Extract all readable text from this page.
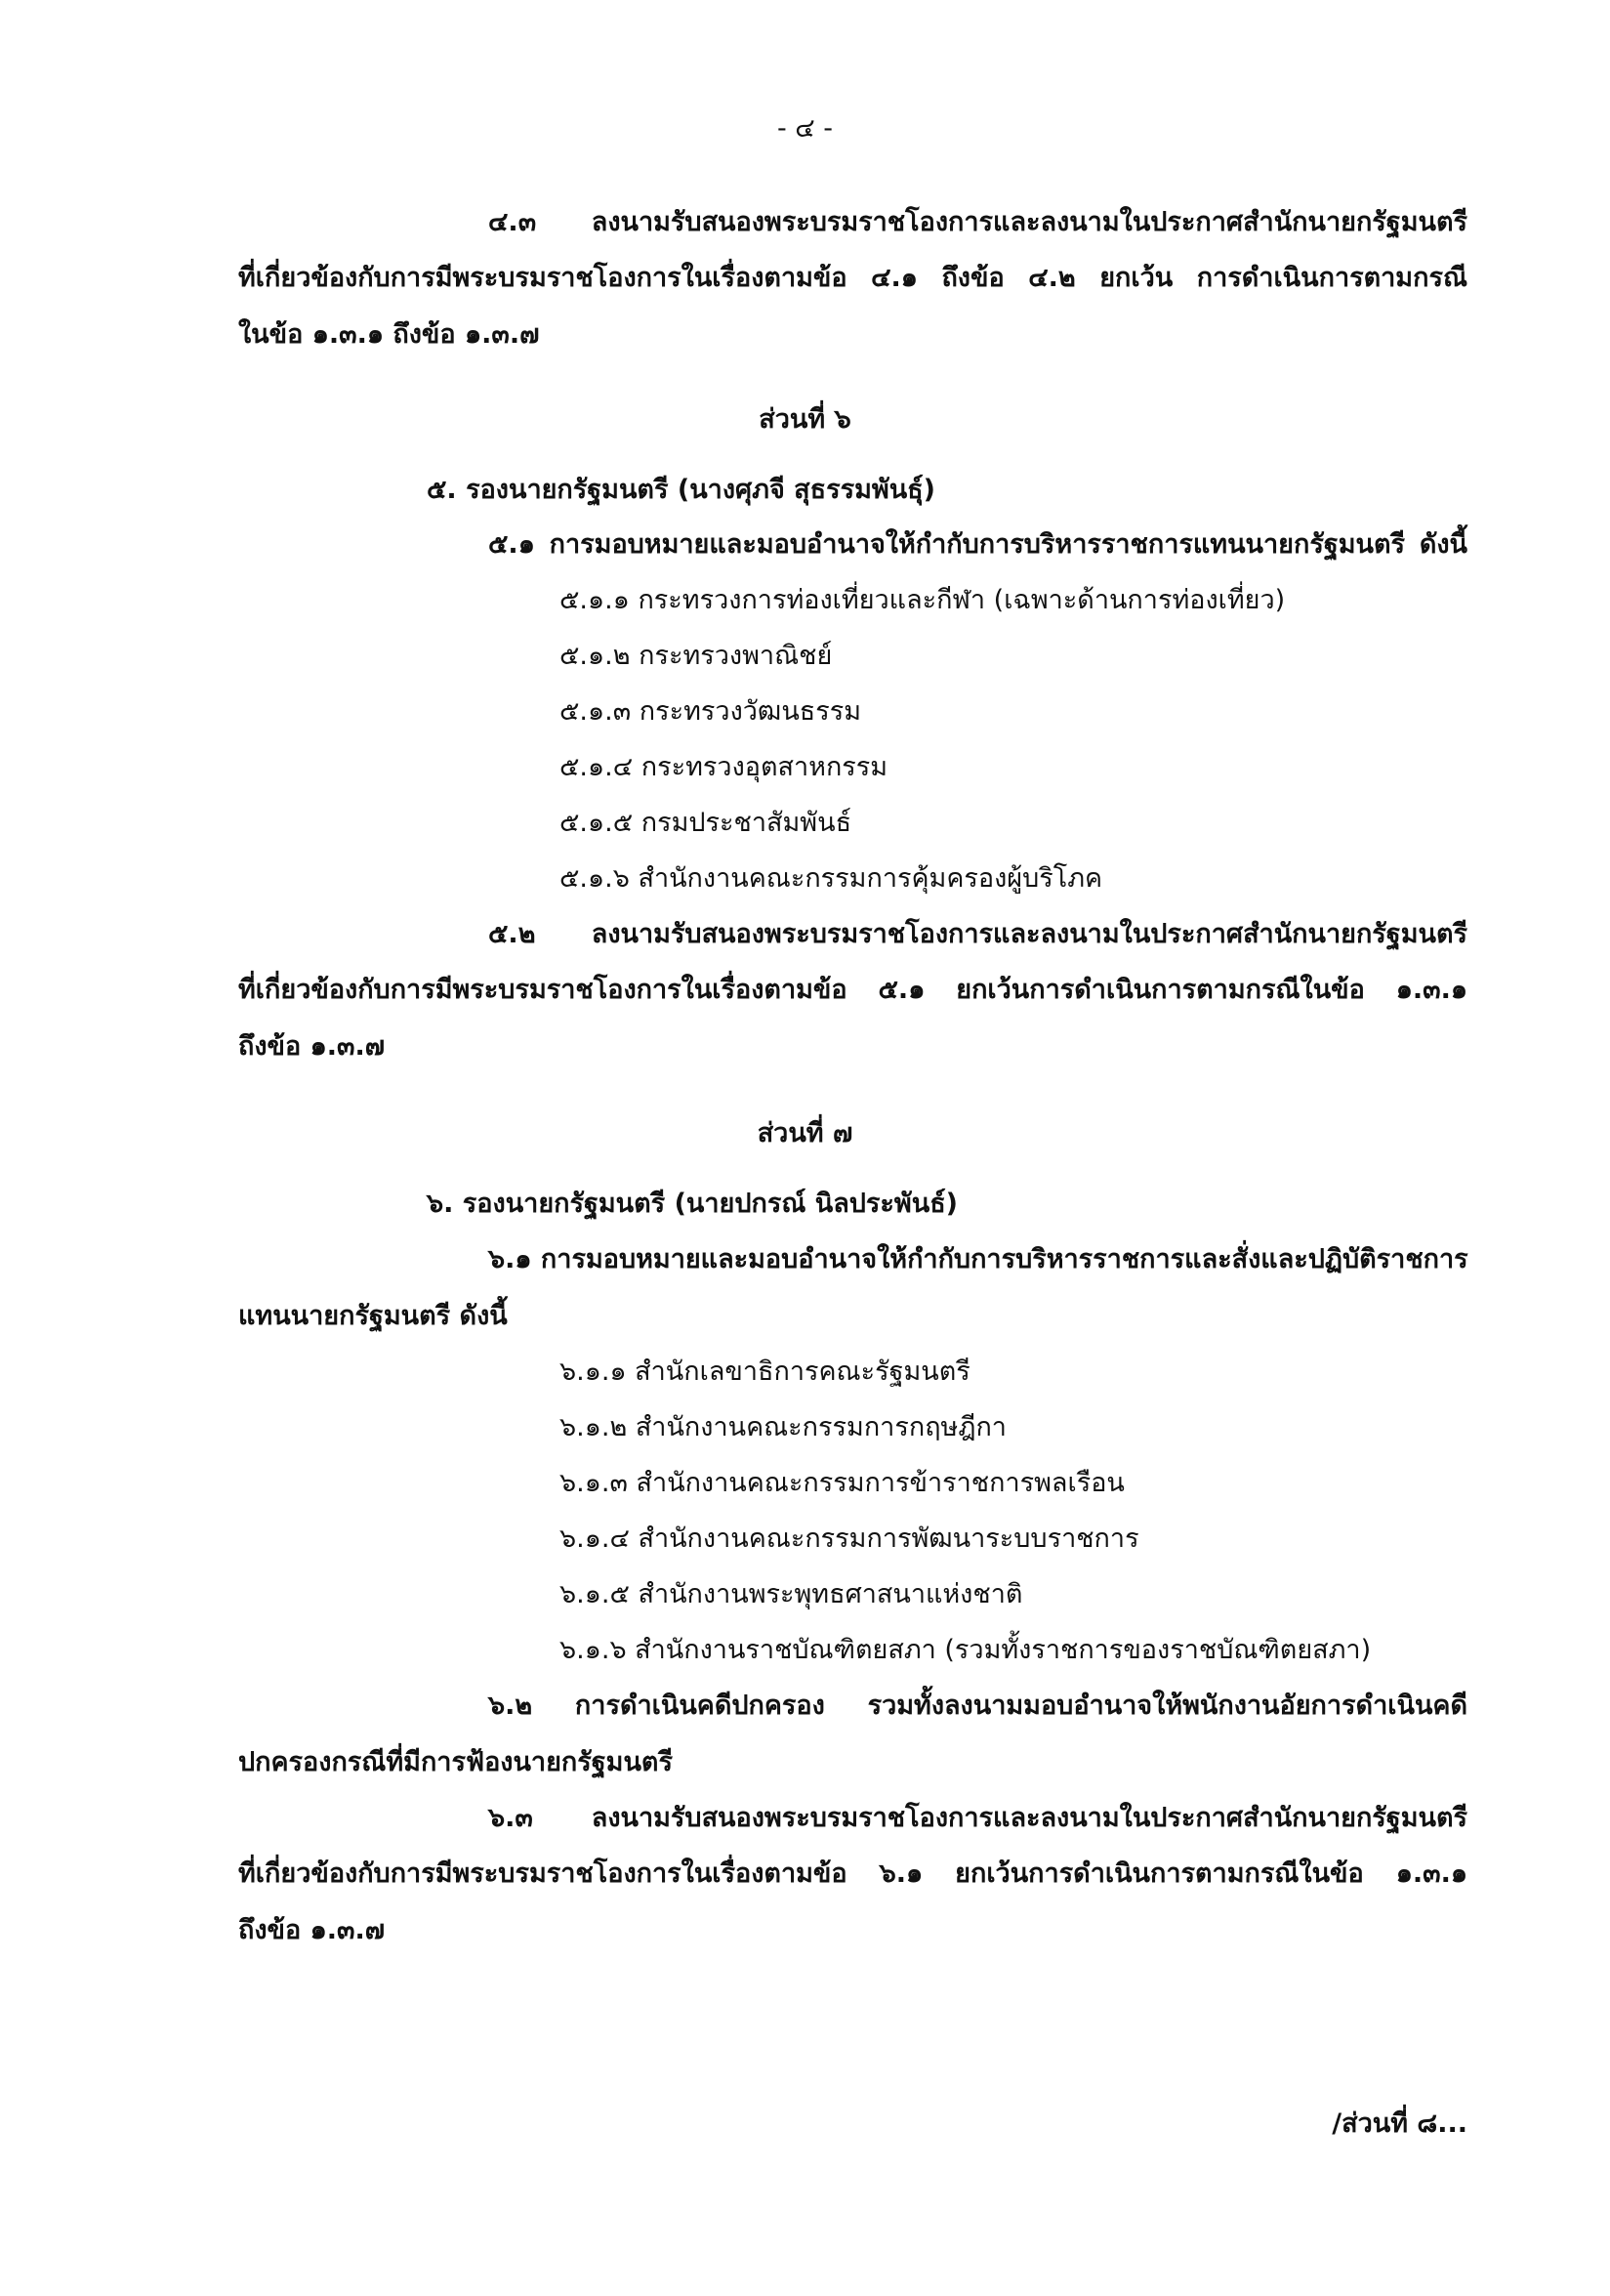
- ๔ -
๔.๓ ลงนามรับสนองพระบรมราชโองการและลงนามในประกาศสำนักนายกรัฐมนตรี
ที่เกี่ยวข้องกับการมีพระบรมราชโองการในเรื่องตามข้อ ๔.๑ ถึงข้อ ๔.๒ ยกเว้น การดำเนินการตามกรณี
ในข้อ ๑.๓.๑ ถึงข้อ ๑.๓.๗
ส่วนที่ ๖
๕. รองนายกรัฐมนตรี (นางศุภจี สุธรรมพันธุ์)
๕.๑ การมอบหมายและมอบอำนาจให้กำกับการบริหารราชการแทนนายกรัฐมนตรี ดังนี้
๕.๑.๑ กระทรวงการท่องเที่ยวและกีฬา (เฉพาะด้านการท่องเที่ยว)
๕.๑.๒ กระทรวงพาณิชย์
๕.๑.๓ กระทรวงวัฒนธรรม
๕.๑.๔ กระทรวงอุตสาหกรรม
๕.๑.๕ กรมประชาสัมพันธ์
๕.๑.๖ สำนักงานคณะกรรมการคุ้มครองผู้บริโภค
๕.๒ ลงนามรับสนองพระบรมราชโองการและลงนามในประกาศสำนักนายกรัฐมนตรี
ที่เกี่ยวข้องกับการมีพระบรมราชโองการในเรื่องตามข้อ ๕.๑ ยกเว้นการดำเนินการตามกรณีในข้อ ๑.๓.๑
ถึงข้อ ๑.๓.๗
ส่วนที่ ๗
๖. รองนายกรัฐมนตรี (นายปกรณ์ นิลประพันธ์)
๖.๑ การมอบหมายและมอบอำนาจให้กำกับการบริหารราชการและสั่งและปฏิบัติราชการ
แทนนายกรัฐมนตรี ดังนี้
๖.๑.๑ สำนักเลขาธิการคณะรัฐมนตรี
๖.๑.๒ สำนักงานคณะกรรมการกฤษฎีกา
๖.๑.๓ สำนักงานคณะกรรมการข้าราชการพลเรือน
๖.๑.๔ สำนักงานคณะกรรมการพัฒนาระบบราชการ
๖.๑.๕ สำนักงานพระพุทธศาสนาแห่งชาติ
๖.๑.๖ สำนักงานราชบัณฑิตยสภา (รวมทั้งราชการของราชบัณฑิตยสภา)
๖.๒ การดำเนินคดีปกครอง รวมทั้งลงนามมอบอำนาจให้พนักงานอัยการดำเนินคดี
ปกครองกรณีที่มีการฟ้องนายกรัฐมนตรี
๖.๓ ลงนามรับสนองพระบรมราชโองการและลงนามในประกาศสำนักนายกรัฐมนตรี
ที่เกี่ยวข้องกับการมีพระบรมราชโองการในเรื่องตามข้อ ๖.๑ ยกเว้นการดำเนินการตามกรณีในข้อ ๑.๓.๑
ถึงข้อ ๑.๓.๗
/ส่วนที่ ๘...
